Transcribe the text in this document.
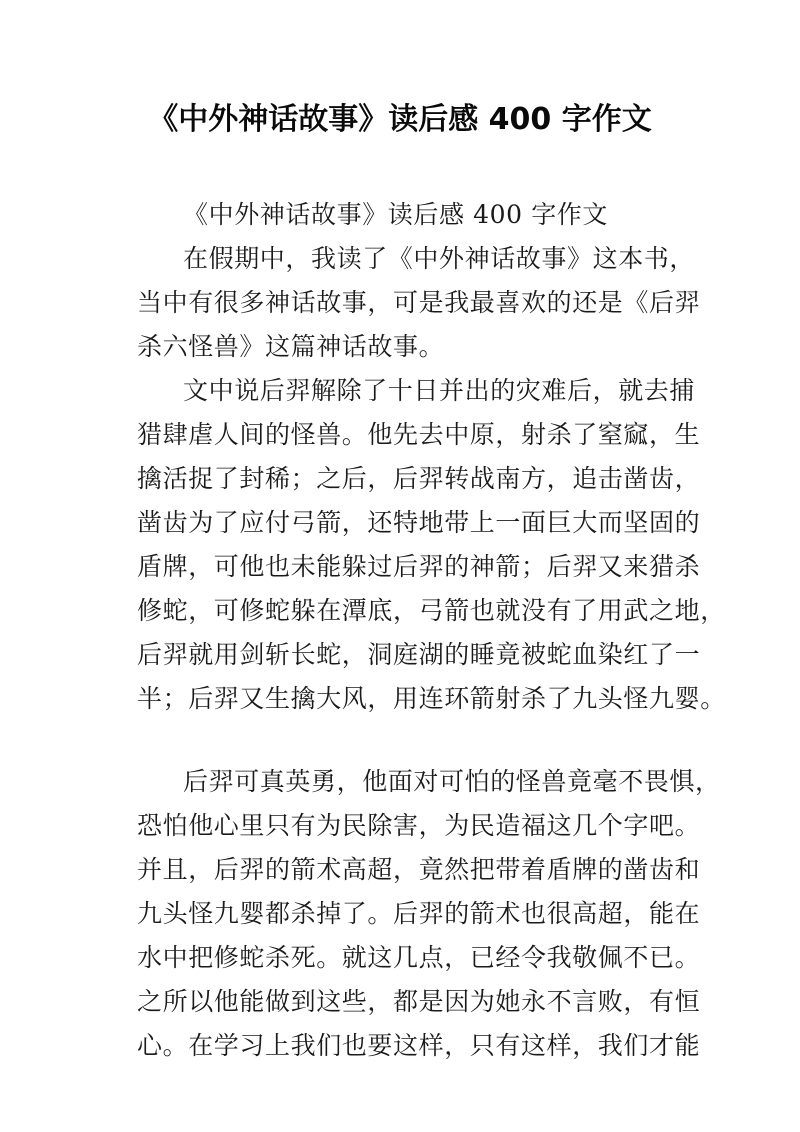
《中外神话故事》读后感 400 字作文
《中外神话故事》读后感 400 字作文
在假期中，我读了《中外神话故事》这本书，
当中有很多神话故事，可是我最喜欢的还是《后羿
杀六怪兽》这篇神话故事。
文中说后羿解除了十日并出的灾难后，就去捕
猎肆虐人间的怪兽。他先去中原，射杀了窒窳，生
擒活捉了封稀；之后，后羿转战南方，追击凿齿，
凿齿为了应付弓箭，还特地带上一面巨大而坚固的
盾牌，可他也未能躲过后羿的神箭；后羿又来猎杀
修蛇，可修蛇躲在潭底，弓箭也就没有了用武之地，
后羿就用剑斩长蛇，洞庭湖的睡竟被蛇血染红了一
半；后羿又生擒大风，用连环箭射杀了九头怪九婴。
后羿可真英勇，他面对可怕的怪兽竟毫不畏惧，
恐怕他心里只有为民除害，为民造福这几个字吧。
并且，后羿的箭术高超，竟然把带着盾牌的凿齿和
九头怪九婴都杀掉了。后羿的箭术也很高超，能在
水中把修蛇杀死。就这几点，已经令我敬佩不已。
之所以他能做到这些，都是因为她永不言败，有恒
心。在学习上我们也要这样，只有这样，我们才能
